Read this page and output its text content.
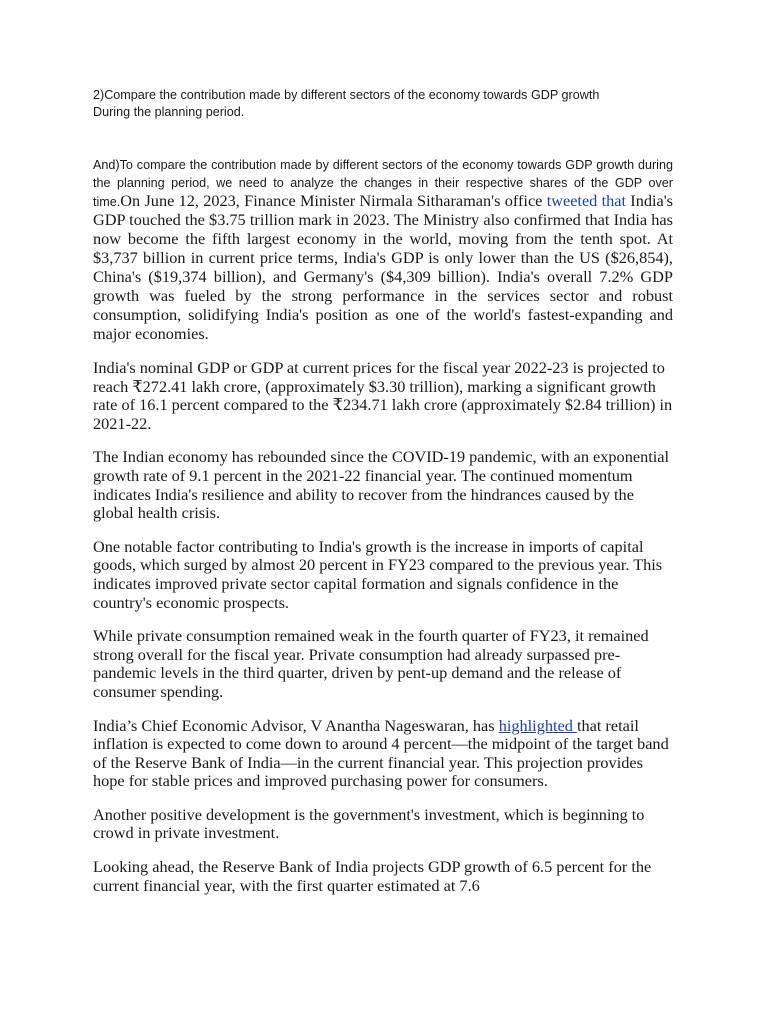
2)Compare the contribution made by different sectors of the economy towards GDP growth
During the planning period.
And)To compare the contribution made by different sectors of the economy towards GDP growth during the planning period, we need to analyze the changes in their respective shares of the GDP over time.On June 12, 2023, Finance Minister Nirmala Sitharaman's office tweeted that India's GDP touched the $3.75 trillion mark in 2023. The Ministry also confirmed that India has now become the fifth largest economy in the world, moving from the tenth spot. At $3,737 billion in current price terms, India's GDP is only lower than the US ($26,854), China's ($19,374 billion), and Germany's ($4,309 billion). India's overall 7.2% GDP growth was fueled by the strong performance in the services sector and robust consumption, solidifying India's position as one of the world's fastest-expanding and major economies.

India's nominal GDP or GDP at current prices for the fiscal year 2022-23 is projected to reach ₹272.41 lakh crore, (approximately $3.30 trillion), marking a significant growth rate of 16.1 percent compared to the ₹234.71 lakh crore (approximately $2.84 trillion) in 2021-22.

The Indian economy has rebounded since the COVID-19 pandemic, with an exponential growth rate of 9.1 percent in the 2021-22 financial year. The continued momentum indicates India's resilience and ability to recover from the hindrances caused by the global health crisis.

One notable factor contributing to India's growth is the increase in imports of capital goods, which surged by almost 20 percent in FY23 compared to the previous year. This indicates improved private sector capital formation and signals confidence in the country's economic prospects.

While private consumption remained weak in the fourth quarter of FY23, it remained strong overall for the fiscal year. Private consumption had already surpassed pre-pandemic levels in the third quarter, driven by pent-up demand and the release of consumer spending.

India’s Chief Economic Advisor, V Anantha Nageswaran, has highlighted that retail inflation is expected to come down to around 4 percent—the midpoint of the target band of the Reserve Bank of India—in the current financial year. This projection provides hope for stable prices and improved purchasing power for consumers.

Another positive development is the government's investment, which is beginning to crowd in private investment.

Looking ahead, the Reserve Bank of India projects GDP growth of 6.5 percent for the current financial year, with the first quarter estimated at 7.6
